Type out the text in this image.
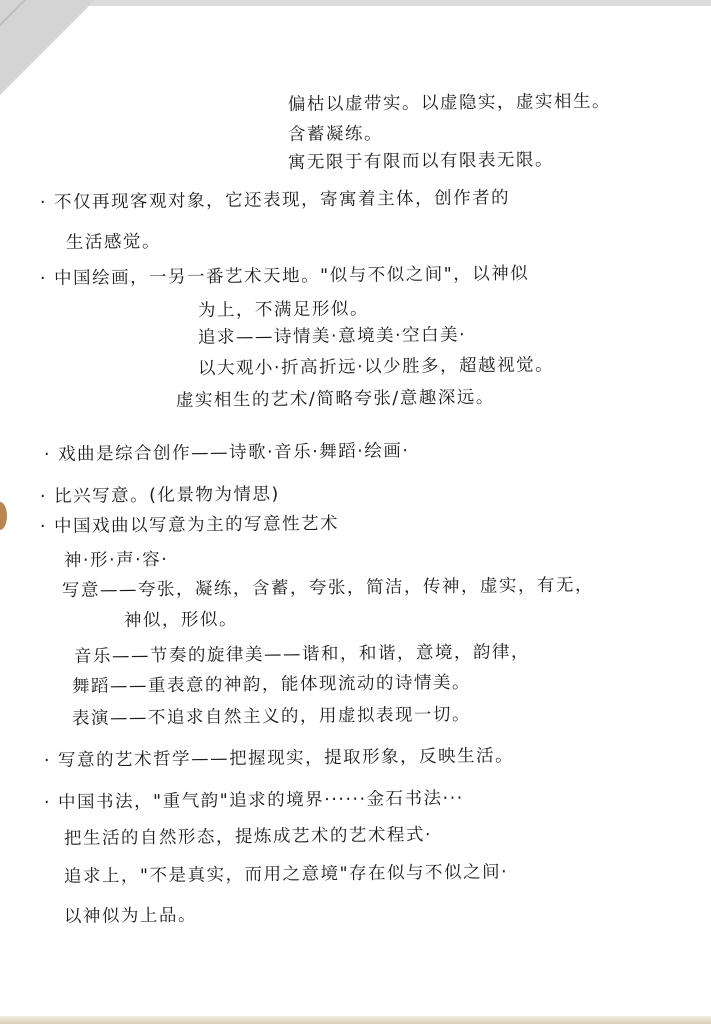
偏枯以虚带实。以虚隐实，虚实相生。
含蓄凝练。
寓无限于有限而以有限表无限。
· 不仅再现客观对象，它还表现，寄寓着主体，创作者的
生活感觉。
· 中国绘画，一另一番艺术天地。"似与不似之间"，以神似
为上，不满足形似。
追求——诗情美·意境美·空白美·
以大观小·折高折远·以少胜多，超越视觉。
虚实相生的艺术/简略夸张/意趣深远。
· 戏曲是综合创作——诗歌·音乐·舞蹈·绘画·
· 比兴写意。(化景物为情思)
· 中国戏曲以写意为主的写意性艺术
神·形·声·容·
写意——夸张，凝练，含蓄，夸张，简洁，传神，虚实，有无，
神似，形似。
音乐——节奏的旋律美——谐和，和谐，意境，韵律，
舞蹈——重表意的神韵，能体现流动的诗情美。
表演——不追求自然主义的，用虚拟表现一切。
· 写意的艺术哲学——把握现实，提取形象，反映生活。
· 中国书法，"重气韵"追求的境界······金石书法···
把生活的自然形态，提炼成艺术的艺术程式·
追求上，"不是真实，而用之意境"存在似与不似之间·
以神似为上品。
